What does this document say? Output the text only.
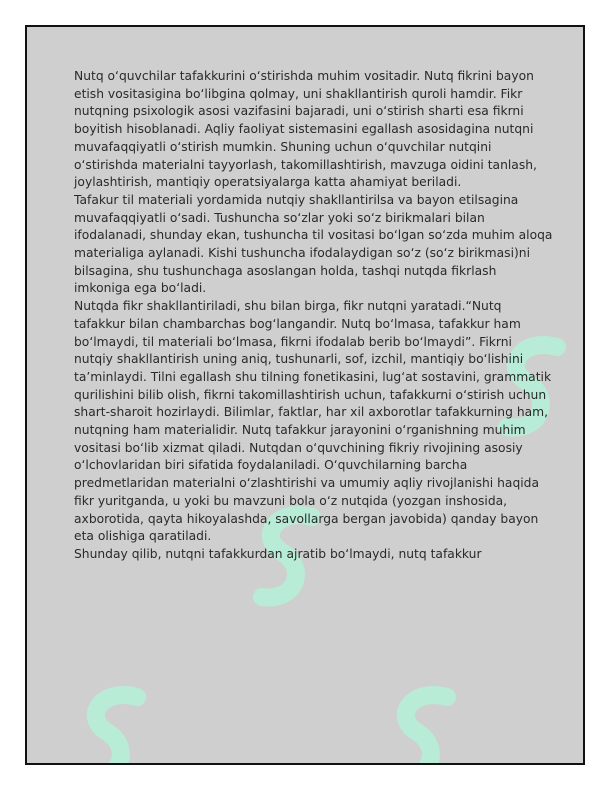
Nutq o‘quvchilar tafakkurini o‘stirishda muhim vositadir. Nutq fikrini bayon etish vositasigina bo‘libgina qolmay, uni shakllantirish quroli hamdir. Fikr nutqning psixologik asosi vazifasini bajaradi, uni o‘stirish sharti esa fikrni boyitish hisoblanadi. Aqliy faoliyat sistemasini egallash asosidagina nutqni muvafaqqiyatli o‘stirish mumkin. Shuning uchun o‘quvchilar nutqini o‘stirishda materialni tayyorlash, takomillashtirish, mavzuga oidini tanlash, joylashtirish, mantiqiy operatsiyalarga katta ahamiyat beriladi.

Tafakur til materiali yordamida nutqiy shakllantirilsa va bayon etilsagina muvafaqqiyatli o‘sadi. Tushuncha so‘zlar yoki so‘z birikmalari bilan ifodalanadi, shunday ekan, tushuncha til vositasi bo‘lgan so‘zda muhim aloqa materialiga aylanadi. Kishi tushuncha ifodalaydigan so‘z (so‘z birikmasi)ni bilsagina, shu tushunchaga asoslangan holda, tashqi nutqda fikrlash imkoniga ega bo‘ladi.

Nutqda fikr shakllantiriladi, shu bilan birga, fikr nutqni yaratadi.“Nutq tafakkur bilan chambarchas bog‘langandir. Nutq bo‘lmasa, tafakkur ham bo‘lmaydi, til materiali bo‘lmasa, fikrni ifodalab berib bo‘lmaydi”. Fikrni nutqiy shakllantirish uning aniq, tushunarli, sof, izchil, mantiqiy bo‘lishini ta’minlaydi. Tilni egallash shu tilning fonetikasini, lug‘at sostavini, grammatik qurilishini bilib olish, fikrni takomillashtirish uchun, tafakkurni o‘stirish uchun shart-sharoit hozirlaydi. Bilimlar, faktlar, har xil axborotlar tafakkurning ham, nutqning ham materialidir. Nutq tafakkur jarayonini o‘rganishning muhim vositasi bo‘lib xizmat qiladi. Nutqdan o‘quvchining fikriy rivojining asosiy o‘lchovlaridan biri sifatida foydalaniladi. O‘quvchilarning barcha predmetlaridan materialni o‘zlashtirishi va umumiy aqliy rivojlanishi haqida fikr yuritganda, u yoki bu mavzuni bola o‘z nutqida (yozgan inshosida, axborotida, qayta hikoyalashda, savollarga bergan javobida) qanday bayon eta olishiga qaratiladi.

Shunday qilib, nutqni tafakkurdan ajratib bo‘lmaydi, nutq tafakkur
